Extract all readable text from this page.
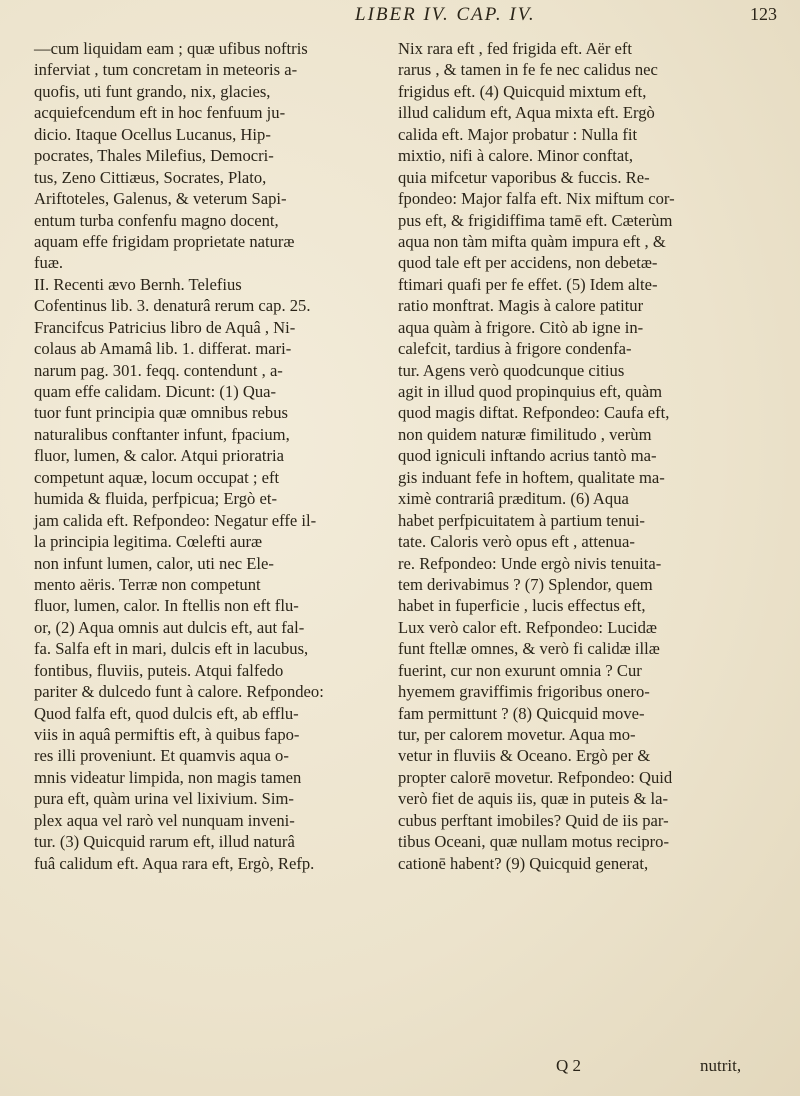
LIBER IV. CAP. IV.	123
—cum liquidam eam ; quæ ufibus noftris
inferviat , tum concretam in meteoris a-
quofis, uti funt grando, nix, glacies,
acquiefcendum eft in hoc fenfuum ju-
dicio. Itaque Ocellus Lucanus, Hip-
pocrates, Thales Milefius, Democri-
tus, Zeno Cittiæus, Socrates, Plato,
Ariftoteles, Galenus, & veterum Sapi-
entum turba confenfu magno docent,
aquam effe frigidam proprietate naturæ
fuæ.
II. Recenti ævo Bernh. Telefius
Cofentinus lib. 3. denaturâ rerum cap. 25.
Francifcus Patricius libro de Aquâ , Ni-
colaus ab Amamâ lib. 1. differat. mari-
narum pag. 301. feqq. contendunt , a-
quam effe calidam. Dicunt: (1) Qua-
tuor funt principia quæ omnibus rebus
naturalibus conftanter infunt, fpacium,
fluor, lumen, & calor. Atqui prioratria
competunt aquæ, locum occupat ; eft
humida & fluida, perfpicua; Ergò et-
jam calida eft. Refpondeo: Negatur effe il-
la principia legitima. Cœlefti auræ
non infunt lumen, calor, uti nec Ele-
mento aëris. Terræ non competunt
fluor, lumen, calor. In ftellis non eft flu-
or, (2) Aqua omnis aut dulcis eft, aut fal-
fa. Salfa eft in mari, dulcis eft in lacubus,
fontibus, fluviis, puteis. Atqui falfedo
pariter & dulcedo funt à calore. Refpondeo:
Quod falfa eft, quod dulcis eft, ab efflu-
viis in aquâ permiftis eft, à quibus fapo-
res illi proveniunt. Et quamvis aqua o-
mnis videatur limpida, non magis tamen
pura eft, quàm urina vel lixivium. Sim-
plex aqua vel rarò vel nunquam inveni-
tur. (3) Quicquid rarum eft, illud naturâ
fuâ calidum eft. Aqua rara eft, Ergò, Refp.
Nix rara eft , fed frigida eft. Aër eft
rarus , & tamen in fe fe nec calidus nec
frigidus eft. (4) Quicquid mixtum eft,
illud calidum eft, Aqua mixta eft. Ergò
calida eft. Major probatur : Nulla fit
mixtio, nifi à calore. Minor conftat,
quia mifcetur vaporibus & fuccis. Re-
fpondeo: Major falfa eft. Nix miftum cor-
pus eft, & frigidiffima tamē eft. Cæterùm
aqua non tàm mifta quàm impura eft , &
quod tale eft per accidens, non debetæ-
ftimari quafi per fe effet. (5) Idem alte-
ratio monftrat. Magis à calore patitur
aqua quàm à frigore. Citò ab igne in-
calefcit, tardius à frigore condenfa-
tur. Agens verò quodcunque citius
agit in illud quod propinquius eft, quàm
quod magis diftat. Refpondeo: Caufa eft,
non quidem naturæ fimilitudo , verùm
quod igniculi inftando acrius tantò ma-
gis induant fefe in hoftem, qualitate ma-
ximè contrariâ præditum. (6) Aqua
habet perfpicuitatem à partium tenui-
tate. Caloris verò opus eft , attenua-
re. Refpondeo: Unde ergò nivis tenuita-
tem derivabimus ? (7) Splendor, quem
habet in fuperficie , lucis effectus eft,
Lux verò calor eft. Refpondeo: Lucidæ
funt ftellæ omnes, & verò fi calidæ illæ
fuerint, cur non exurunt omnia ? Cur
hyemem graviffimis frigoribus onero-
fam permittunt ? (8) Quicquid move-
tur, per calorem movetur. Aqua mo-
vetur in fluviis & Oceano. Ergò per &
propter calorē movetur. Refpondeo: Quid
verò fiet de aquis iis, quæ in puteis & la-
cubus perftant imobiles? Quid de iis par-
tibus Oceani, quæ nullam motus recipro-
cationē habent? (9) Quicquid generat,
Q 2	nutrit,
